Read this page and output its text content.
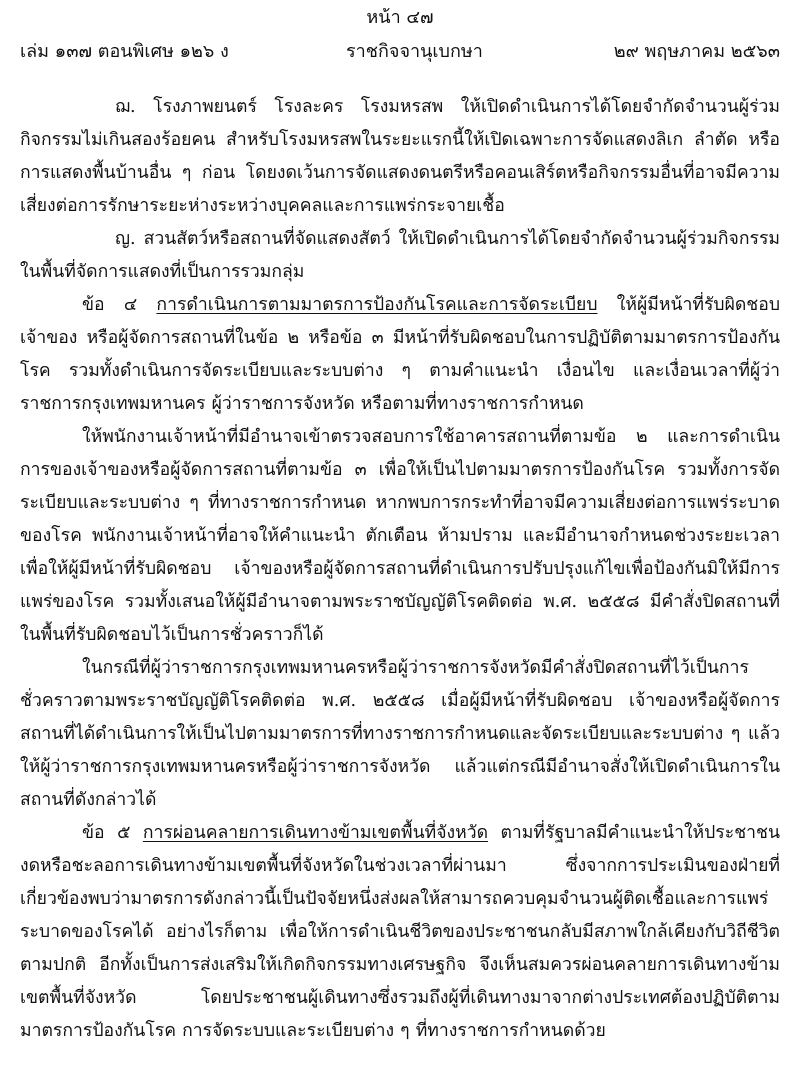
หน้า ๔๗
เล่ม ๑๓๗ ตอนพิเศษ ๑๒๖ ง	ราชกิจจานุเบกษา	๒๙ พฤษภาคม ๒๕๖๓

ฌ. โรงภาพยนตร์ โรงละคร โรงมหรสพ ให้เปิดดำเนินการได้โดยจำกัดจำนวนผู้ร่วมกิจกรรมไม่เกินสองร้อยคน สำหรับโรงมหรสพในระยะแรกนี้ให้เปิดเฉพาะการจัดแสดงลิเก ลำตัด หรือการแสดงพื้นบ้านอื่น ๆ ก่อน โดยงดเว้นการจัดแสดงดนตรีหรือคอนเสิร์ตหรือกิจกรรมอื่นที่อาจมีความเสี่ยงต่อการรักษาระยะห่างระหว่างบุคคลและการแพร่กระจายเชื้อ

ญ. สวนสัตว์หรือสถานที่จัดแสดงสัตว์ ให้เปิดดำเนินการได้โดยจำกัดจำนวนผู้ร่วมกิจกรรมในพื้นที่จัดการแสดงที่เป็นการรวมกลุ่ม

ข้อ ๔ การดำเนินการตามมาตรการป้องกันโรคและการจัดระเบียบ ให้ผู้มีหน้าที่รับผิดชอบ เจ้าของ หรือผู้จัดการสถานที่ในข้อ ๒ หรือข้อ ๓ มีหน้าที่รับผิดชอบในการปฏิบัติตามมาตรการป้องกันโรค รวมทั้งดำเนินการจัดระเบียบและระบบต่าง ๆ ตามคำแนะนำ เงื่อนไข และเงื่อนเวลาที่ผู้ว่าราชการกรุงเทพมหานคร ผู้ว่าราชการจังหวัด หรือตามที่ทางราชการกำหนด

ให้พนักงานเจ้าหน้าที่มีอำนาจเข้าตรวจสอบการใช้อาคารสถานที่ตามข้อ ๒ และการดำเนินการของเจ้าของหรือผู้จัดการสถานที่ตามข้อ ๓ เพื่อให้เป็นไปตามมาตรการป้องกันโรค รวมทั้งการจัดระเบียบและระบบต่าง ๆ ที่ทางราชการกำหนด หากพบการกระทำที่อาจมีความเสี่ยงต่อการแพร่ระบาดของโรค พนักงานเจ้าหน้าที่อาจให้คำแนะนำ ตักเตือน ห้ามปราม และมีอำนาจกำหนดช่วงระยะเวลาเพื่อให้ผู้มีหน้าที่รับผิดชอบ เจ้าของหรือผู้จัดการสถานที่ดำเนินการปรับปรุงแก้ไขเพื่อป้องกันมิให้มีการแพร่ของโรค รวมทั้งเสนอให้ผู้มีอำนาจตามพระราชบัญญัติโรคติดต่อ พ.ศ. ๒๕๕๘ มีคำสั่งปิดสถานที่ในพื้นที่รับผิดชอบไว้เป็นการชั่วคราวก็ได้

ในกรณีที่ผู้ว่าราชการกรุงเทพมหานครหรือผู้ว่าราชการจังหวัดมีคำสั่งปิดสถานที่ไว้เป็นการชั่วคราวตามพระราชบัญญัติโรคติดต่อ พ.ศ. ๒๕๕๘ เมื่อผู้มีหน้าที่รับผิดชอบ เจ้าของหรือผู้จัดการสถานที่ได้ดำเนินการให้เป็นไปตามมาตรการที่ทางราชการกำหนดและจัดระเบียบและระบบต่าง ๆ แล้ว ให้ผู้ว่าราชการกรุงเทพมหานครหรือผู้ว่าราชการจังหวัด แล้วแต่กรณีมีอำนาจสั่งให้เปิดดำเนินการในสถานที่ดังกล่าวได้

ข้อ ๕ การผ่อนคลายการเดินทางข้ามเขตพื้นที่จังหวัด ตามที่รัฐบาลมีคำแนะนำให้ประชาชนงดหรือชะลอการเดินทางข้ามเขตพื้นที่จังหวัดในช่วงเวลาที่ผ่านมา ซึ่งจากการประเมินของฝ่ายที่เกี่ยวข้องพบว่ามาตรการดังกล่าวนี้เป็นปัจจัยหนึ่งส่งผลให้สามารถควบคุมจำนวนผู้ติดเชื้อและการแพร่ระบาดของโรคได้ อย่างไรก็ตาม เพื่อให้การดำเนินชีวิตของประชาชนกลับมีสภาพใกล้เคียงกับวิถีชีวิตตามปกติ อีกทั้งเป็นการส่งเสริมให้เกิดกิจกรรมทางเศรษฐกิจ จึงเห็นสมควรผ่อนคลายการเดินทางข้ามเขตพื้นที่จังหวัด โดยประชาชนผู้เดินทางซึ่งรวมถึงผู้ที่เดินทางมาจากต่างประเทศต้องปฏิบัติตามมาตรการป้องกันโรค การจัดระบบและระเบียบต่าง ๆ ที่ทางราชการกำหนดด้วย
